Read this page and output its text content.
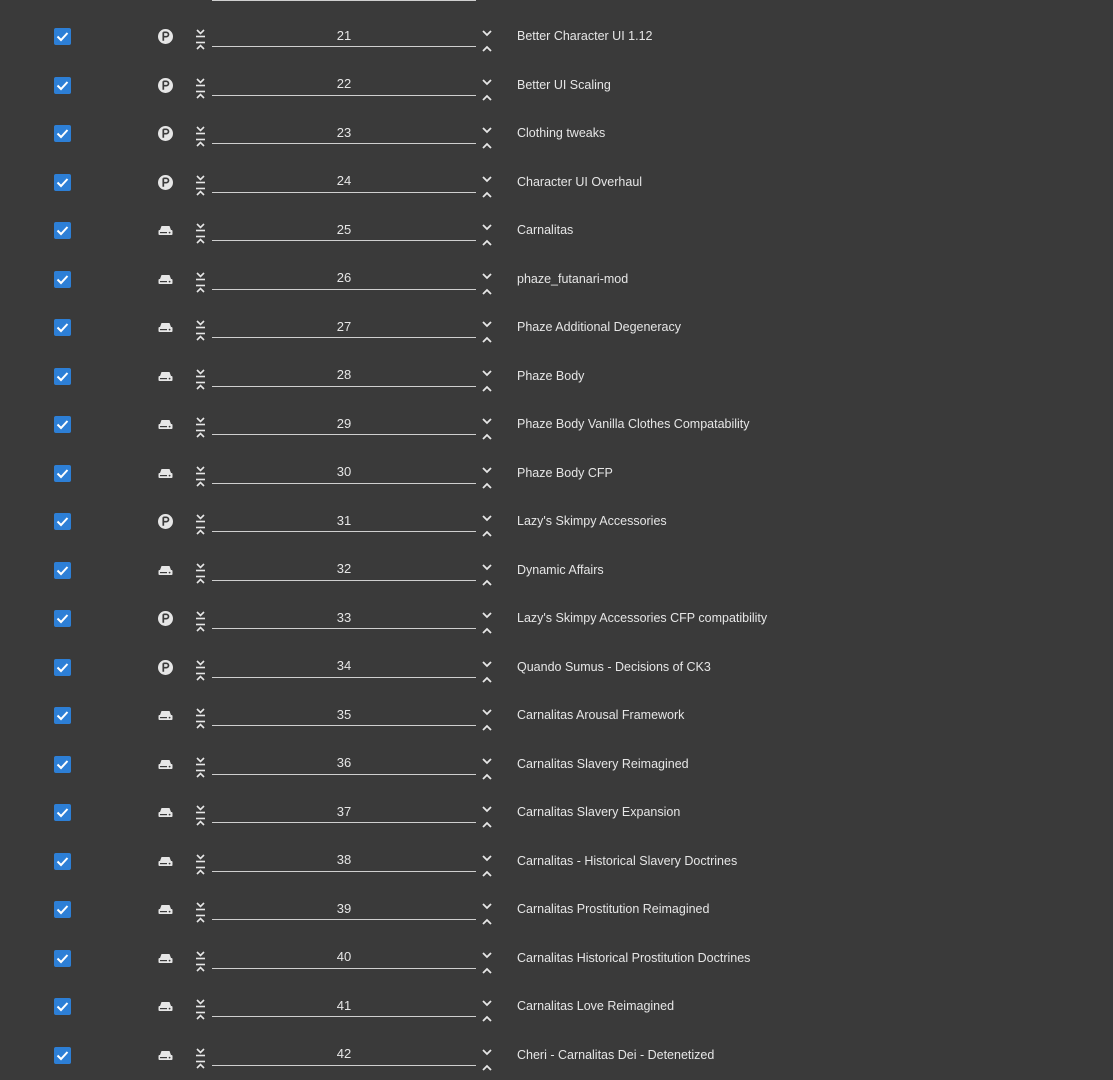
21
Better Character UI 1.12
22
Better UI Scaling
23
Clothing tweaks
24
Character UI Overhaul
25
Carnalitas
26
phaze_futanari-mod
27
Phaze Additional Degeneracy
28
Phaze Body
29
Phaze Body Vanilla Clothes Compatability
30
Phaze Body CFP
31
Lazy's Skimpy Accessories
32
Dynamic Affairs
33
Lazy's Skimpy Accessories CFP compatibility
34
Quando Sumus - Decisions of CK3
35
Carnalitas Arousal Framework
36
Carnalitas Slavery Reimagined
37
Carnalitas Slavery Expansion
38
Carnalitas - Historical Slavery Doctrines
39
Carnalitas Prostitution Reimagined
40
Carnalitas Historical Prostitution Doctrines
41
Carnalitas Love Reimagined
42
Cheri - Carnalitas Dei - Detenetized
